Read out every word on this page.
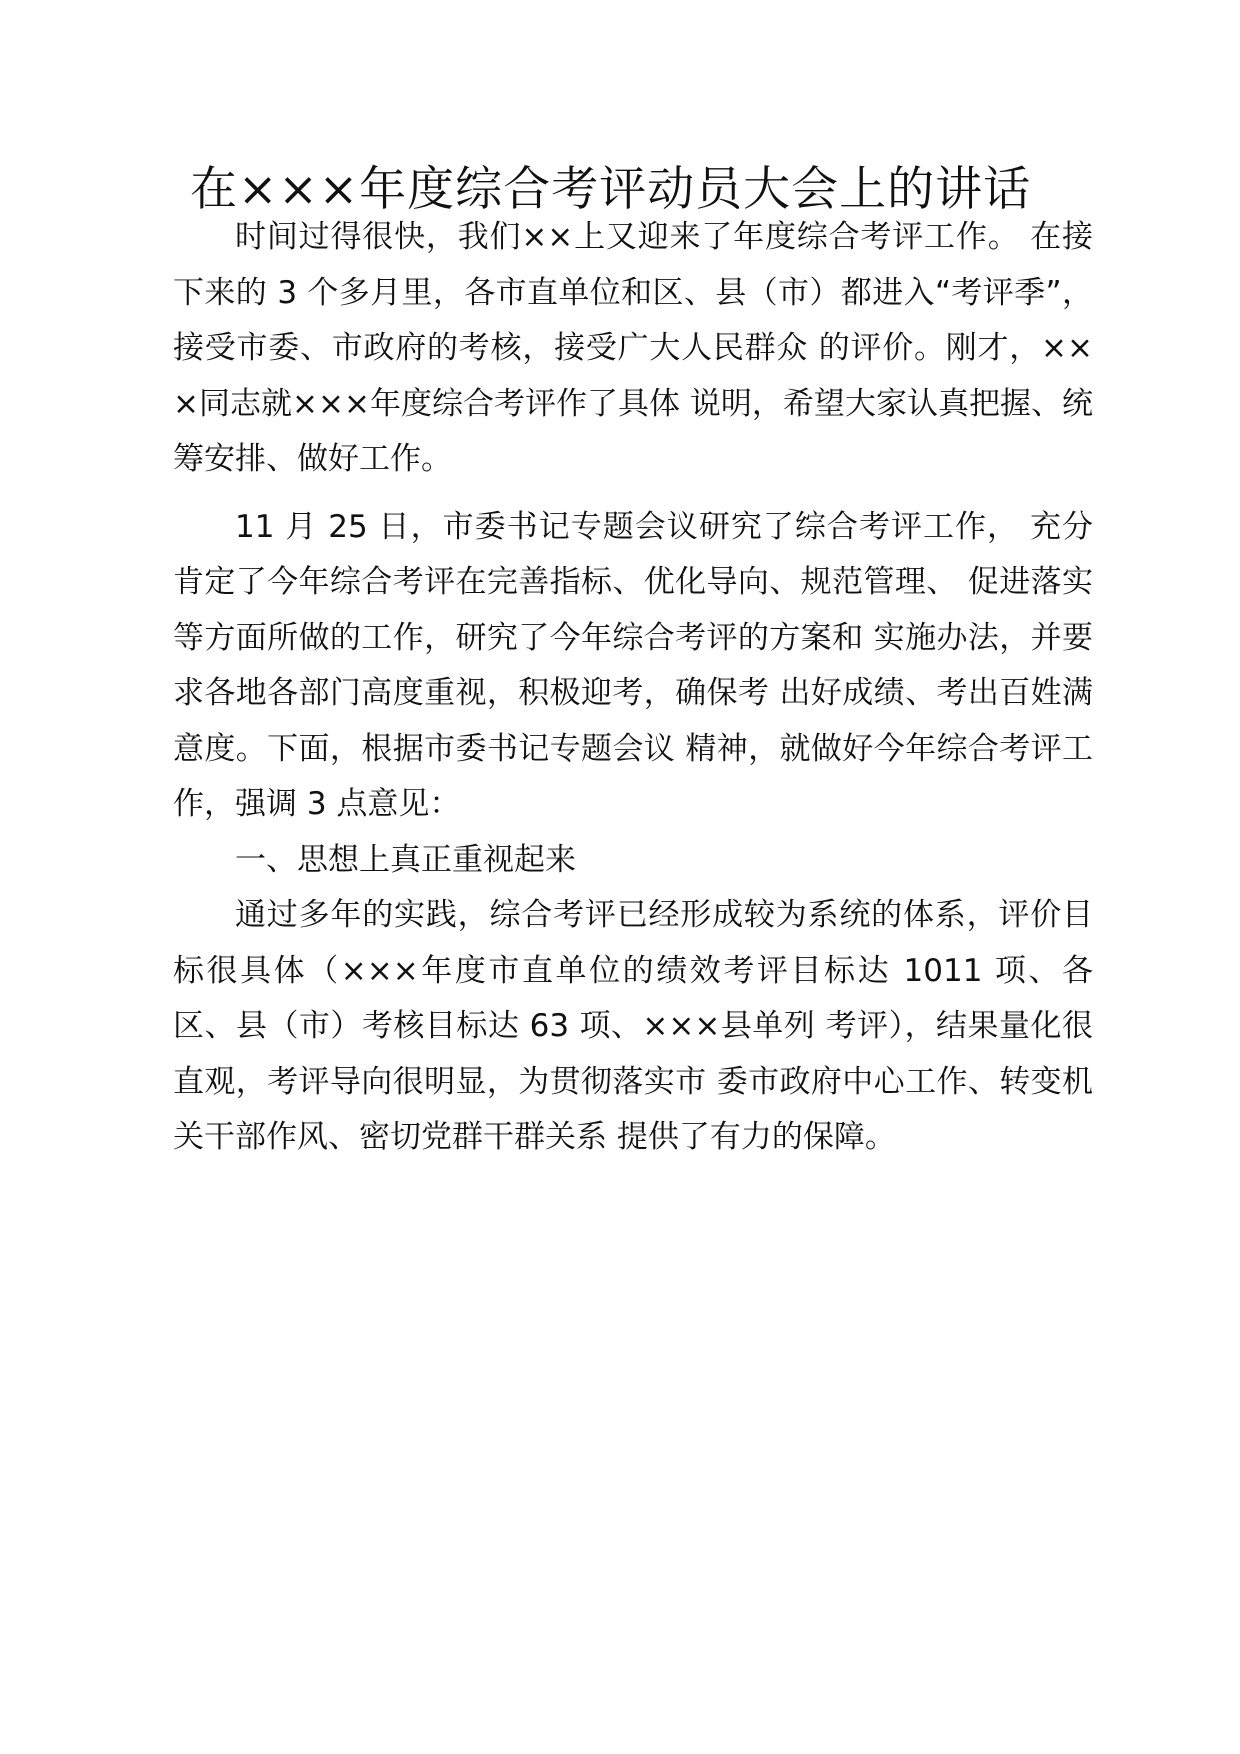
在×××年度综合考评动员大会上的讲话

时间过得很快，我们××上又迎来了年度综合考评工作。 在接下来的 3 个多月里，各市直单位和区、县（市）都进入“考评季”，接受市委、市政府的考核，接受广大人民群众 的评价。刚才，×××同志就×××年度综合考评作了具体 说明，希望大家认真把握、统筹安排、做好工作。

11 月 25 日，市委书记专题会议研究了综合考评工作， 充分肯定了今年综合考评在完善指标、优化导向、规范管理、 促进落实等方面所做的工作，研究了今年综合考评的方案和 实施办法，并要求各地各部门高度重视，积极迎考，确保考 出好成绩、考出百姓满意度。下面，根据市委书记专题会议 精神，就做好今年综合考评工作，强调 3 点意见：

一、思想上真正重视起来

通过多年的实践，综合考评已经形成较为系统的体系，评价目标很具体（×××年度市直单位的绩效考评目标达 1011 项、各区、县（市）考核目标达 63 项、×××县单列 考评），结果量化很直观，考评导向很明显，为贯彻落实市 委市政府中心工作、转变机关干部作风、密切党群干群关系 提供了有力的保障。
